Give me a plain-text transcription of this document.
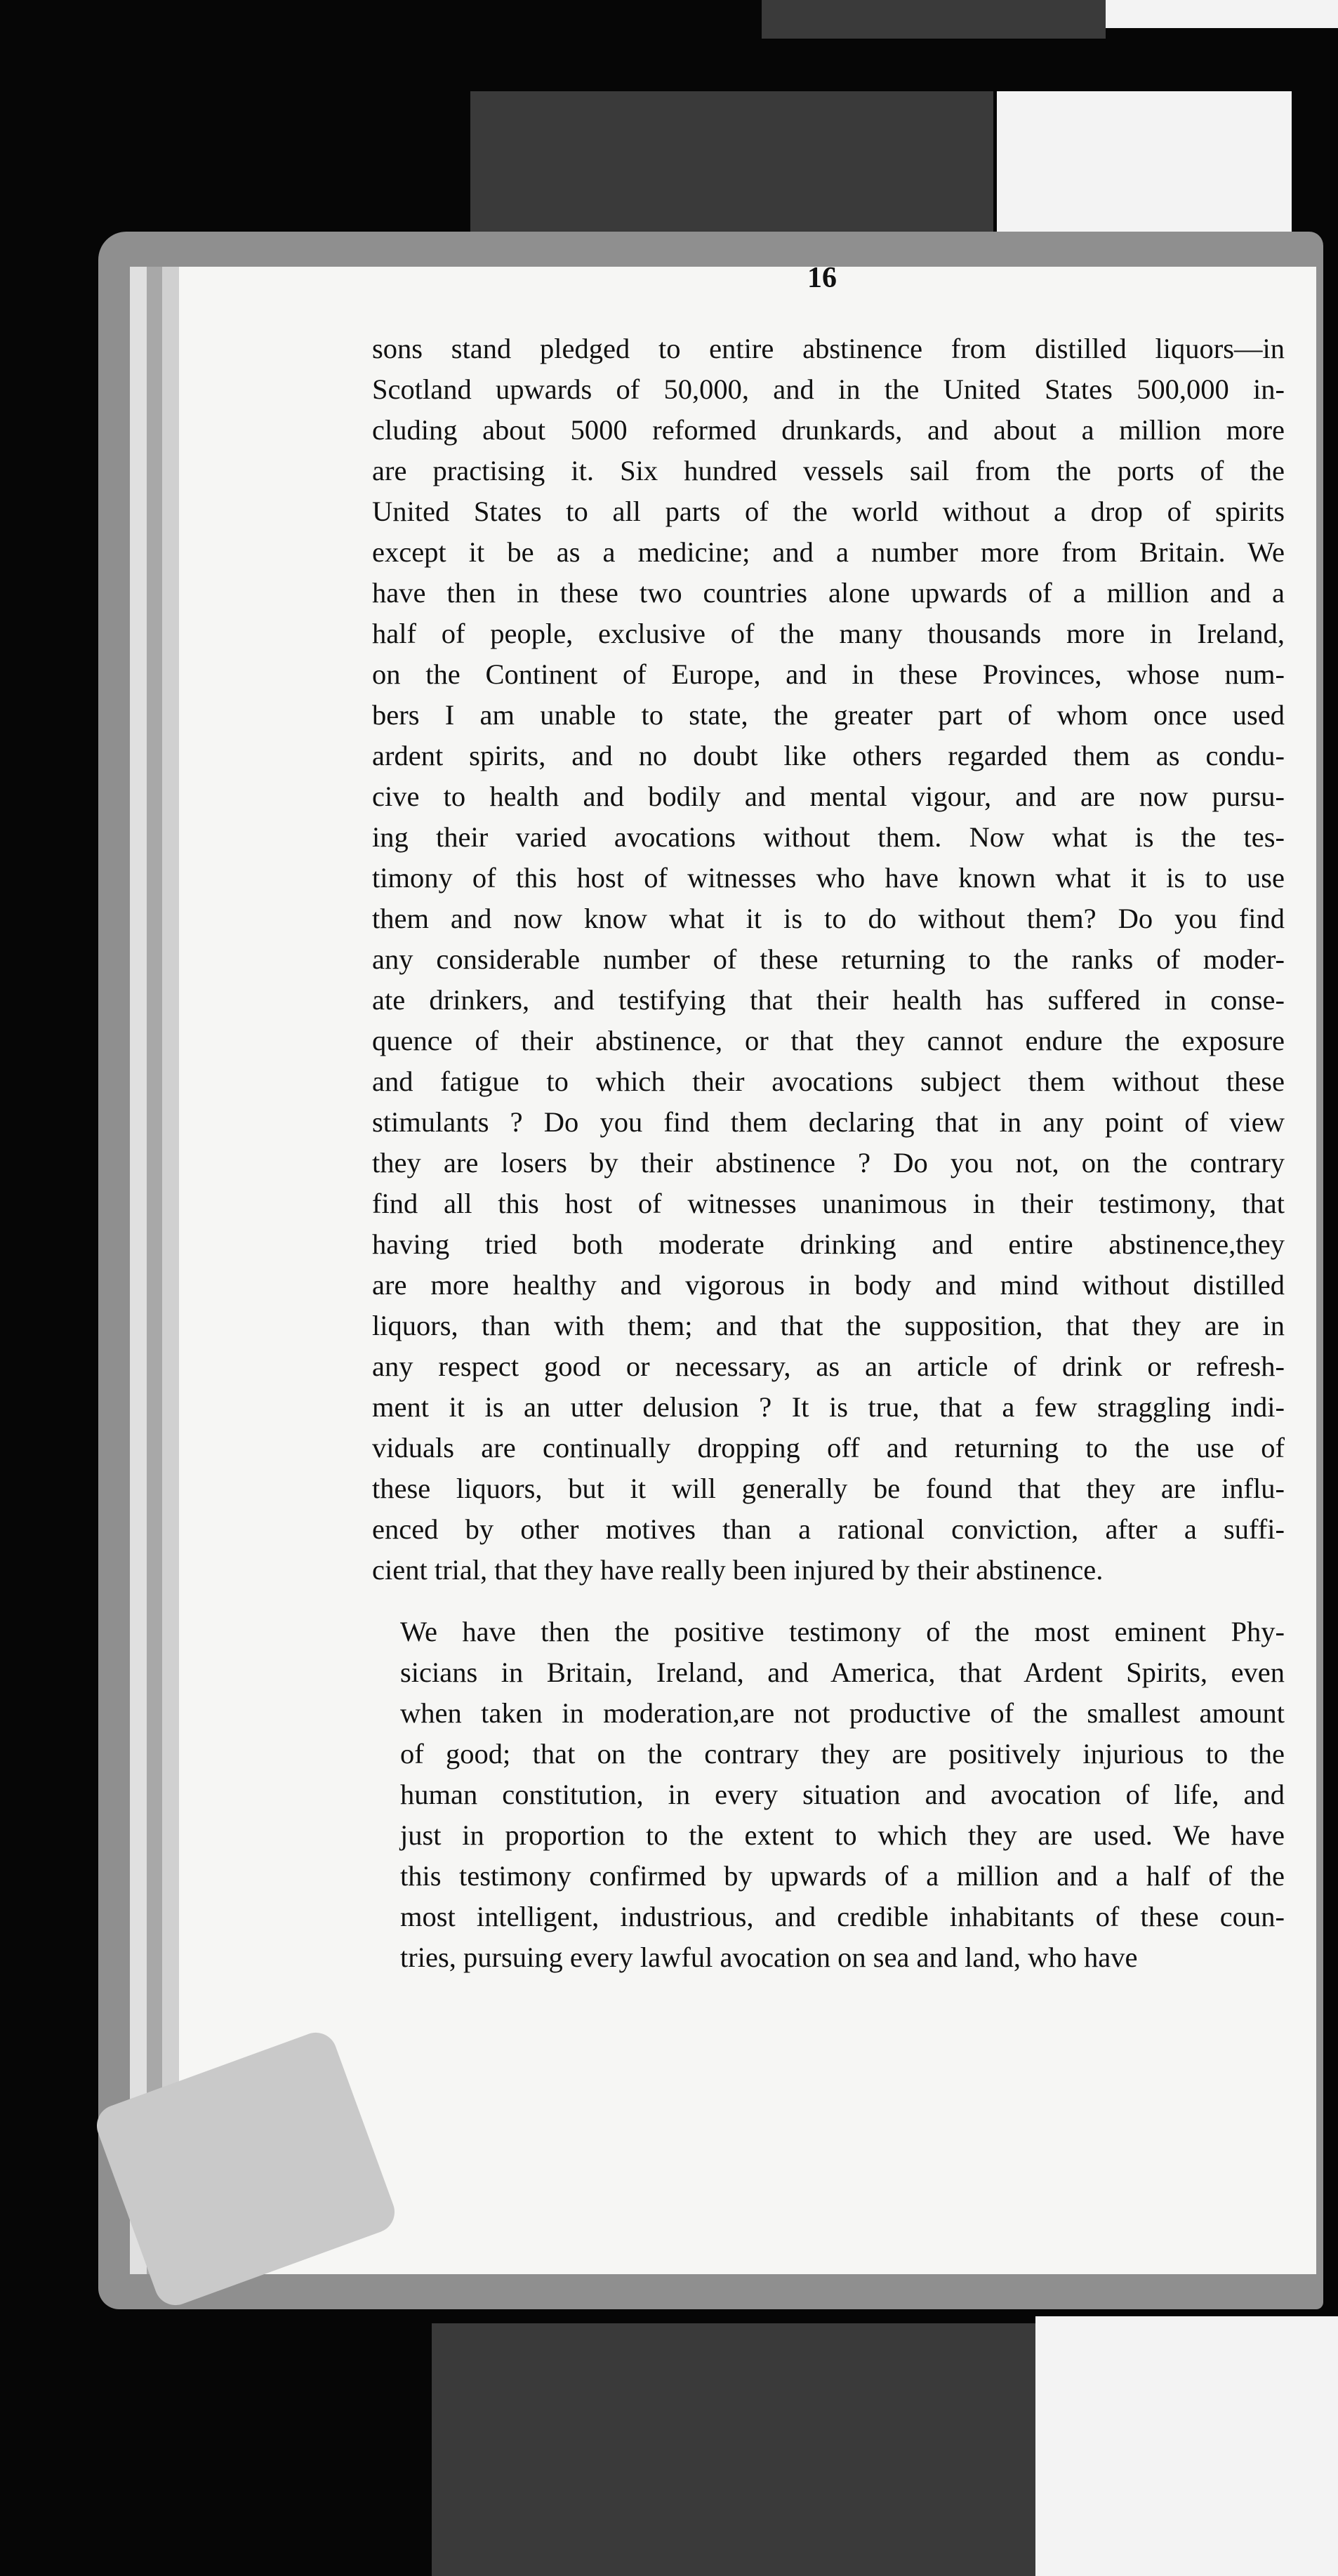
16

sons stand pledged to entire abstinence from distilled liquors—in
Scotland upwards of 50,000, and in the United States 500,000 in-
cluding about 5000 reformed drunkards, and about a million more
are practising it. Six hundred vessels sail from the ports of the
United States to all parts of the world without a drop of spirits
except it be as a medicine; and a number more from Britain. We
have then in these two countries alone upwards of a million and a
half of people, exclusive of the many thousands more in Ireland,
on the Continent of Europe, and in these Provinces, whose num-
bers I am unable to state, the greater part of whom once used
ardent spirits, and no doubt like others regarded them as condu-
cive to health and bodily and mental vigour, and are now pursu-
ing their varied avocations without them. Now what is the tes-
timony of this host of witnesses who have known what it is to use
them and now know what it is to do without them? Do you find
any considerable number of these returning to the ranks of moder-
ate drinkers, and testifying that their health has suffered in conse-
quence of their abstinence, or that they cannot endure the exposure
and fatigue to which their avocations subject them without these
stimulants ? Do you find them declaring that in any point of view
they are losers by their abstinence ? Do you not, on the contrary
find all this host of witnesses unanimous in their testimony, that
having tried both moderate drinking and entire abstinence,they
are more healthy and vigorous in body and mind without distilled
liquors, than with them; and that the supposition, that they are in
any respect good or necessary, as an article of drink or refresh-
ment it is an utter delusion ? It is true, that a few straggling indi-
viduals are continually dropping off and returning to the use of
these liquors, but it will generally be found that they are influ-
enced by other motives than a rational conviction, after a suffi-
cient trial, that they have really been injured by their abstinence.

We have then the positive testimony of the most eminent Phy-
sicians in Britain, Ireland, and America, that Ardent Spirits, even
when taken in moderation,are not productive of the smallest amount
of good; that on the contrary they are positively injurious to the
human constitution, in every situation and avocation of life, and
just in proportion to the extent to which they are used. We have
this testimony confirmed by upwards of a million and a half of the
most intelligent, industrious, and credible inhabitants of these coun-
tries, pursuing every lawful avocation on sea and land, who have
